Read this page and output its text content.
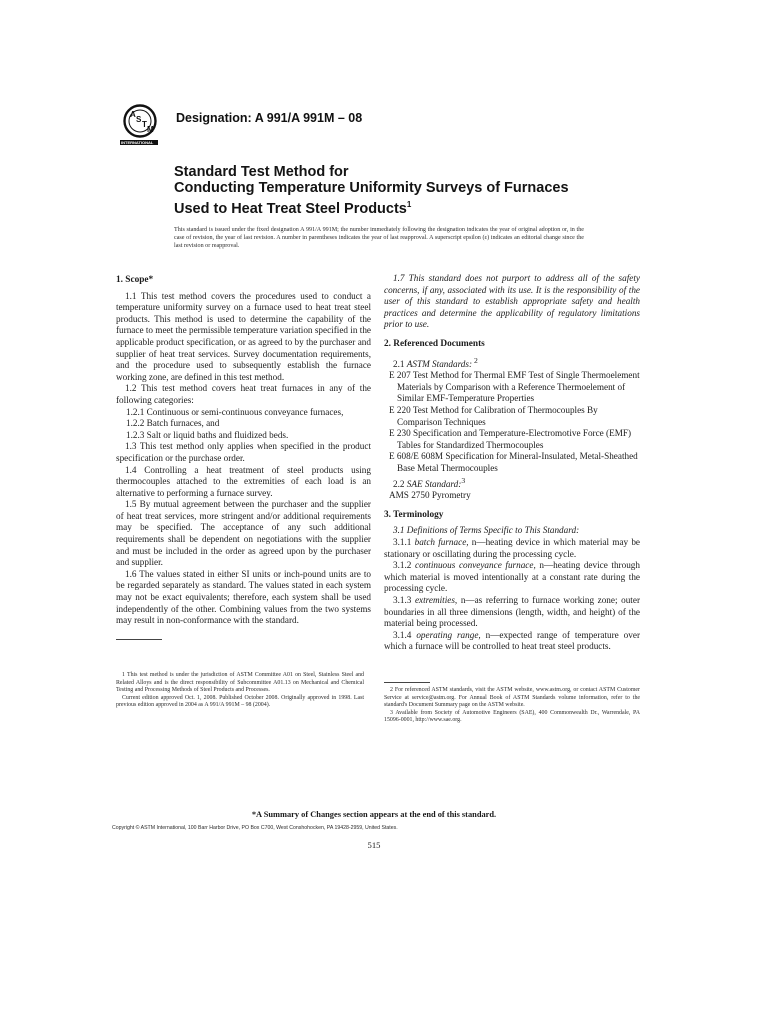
A
S
T
M
INTERNATIONAL
Designation: A 991/A 991M – 08
Standard Test Method for
Conducting Temperature Uniformity Surveys of Furnaces
Used to Heat Treat Steel Products$^1$
This standard is issued under the fixed designation A 991/A 991M; the number immediately following the designation indicates the year of original adoption or, in the case of revision, the year of last revision. A number in parentheses indicates the year of last reapproval. A superscript epsilon (ε) indicates an editorial change since the last revision or reapproval.

1. Scope*

1.1 This test method covers the procedures used to conduct a temperature uniformity survey on a furnace used to heat treat steel products. This method is used to determine the capability of the furnace to meet the permissible temperature variation specified in the applicable product specification, or as agreed to by the purchaser and supplier of heat treat services. Survey documentation requirements, and the procedure used to subsequently establish the furnace working zone, are defined in this test method.

1.2 This test method covers heat treat furnaces in any of the following categories:

1.2.1 Continuous or semi-continuous conveyance furnaces,

1.2.2 Batch furnaces, and

1.2.3 Salt or liquid baths and fluidized beds.

1.3 This test method only applies when specified in the product specification or the purchase order.

1.4 Controlling a heat treatment of steel products using thermocouples attached to the extremities of each load is an alternative to performing a furnace survey.

1.5 By mutual agreement between the purchaser and the supplier of heat treat services, more stringent and/or additional requirements may be specified. The acceptance of any such additional requirements shall be dependent on negotiations with the supplier and must be included in the order as agreed upon by the purchaser and supplier.

1.6 The values stated in either SI units or inch-pound units are to be regarded separately as standard. The values stated in each system may not be exact equivalents; therefore, each system shall be used independently of the other. Combining values from the two systems may result in non-conformance with the standard.

1.7 This standard does not purport to address all of the safety concerns, if any, associated with its use. It is the responsibility of the user of this standard to establish appropriate safety and health practices and determine the applicability of regulatory limitations prior to use.

2. Referenced Documents

2.1 ASTM Standards: $^2$

E 207 Test Method for Thermal EMF Test of Single Thermoelement Materials by Comparison with a Reference Thermoelement of Similar EMF-Temperature Properties

E 220 Test Method for Calibration of Thermocouples By Comparison Techniques

E 230 Specification and Temperature-Electromotive Force (EMF) Tables for Standardized Thermocouples

E 608/E 608M Specification for Mineral-Insulated, Metal-Sheathed Base Metal Thermocouples

2.2 SAE Standard:$^3$

AMS 2750 Pyrometry

3. Terminology

3.1 Definitions of Terms Specific to This Standard:

3.1.1 batch furnace, n—heating device in which material may be stationary or oscillating during the processing cycle.

3.1.2 continuous conveyance furnace, n—heating device through which material is moved intentionally at a constant rate during the processing cycle.

3.1.3 extremities, n—as referring to furnace working zone; outer boundaries in all three dimensions (length, width, and height) of the material being processed.

3.1.4 operating range, n—expected range of temperature over which a furnace will be controlled to heat treat steel products.

1 This test method is under the jurisdiction of ASTM Committee A01 on Steel, Stainless Steel and Related Alloys and is the direct responsibility of Subcommittee A01.13 on Mechanical and Chemical Testing and Processing Methods of Steel Products and Processes.

Current edition approved Oct. 1, 2008. Published October 2008. Originally approved in 1998. Last previous edition approved in 2004 as A 991/A 991M – 98 (2004).

2 For referenced ASTM standards, visit the ASTM website, www.astm.org, or contact ASTM Customer Service at service@astm.org. For Annual Book of ASTM Standards volume information, refer to the standard's Document Summary page on the ASTM website.

3 Available from Society of Automotive Engineers (SAE), 400 Commonwealth Dr., Warrendale, PA 15096-0001, http://www.sae.org.

*A Summary of Changes section appears at the end of this standard.
Copyright © ASTM International, 100 Barr Harbor Drive, PO Box C700, West Conshohocken, PA 19428-2959, United States.
515
